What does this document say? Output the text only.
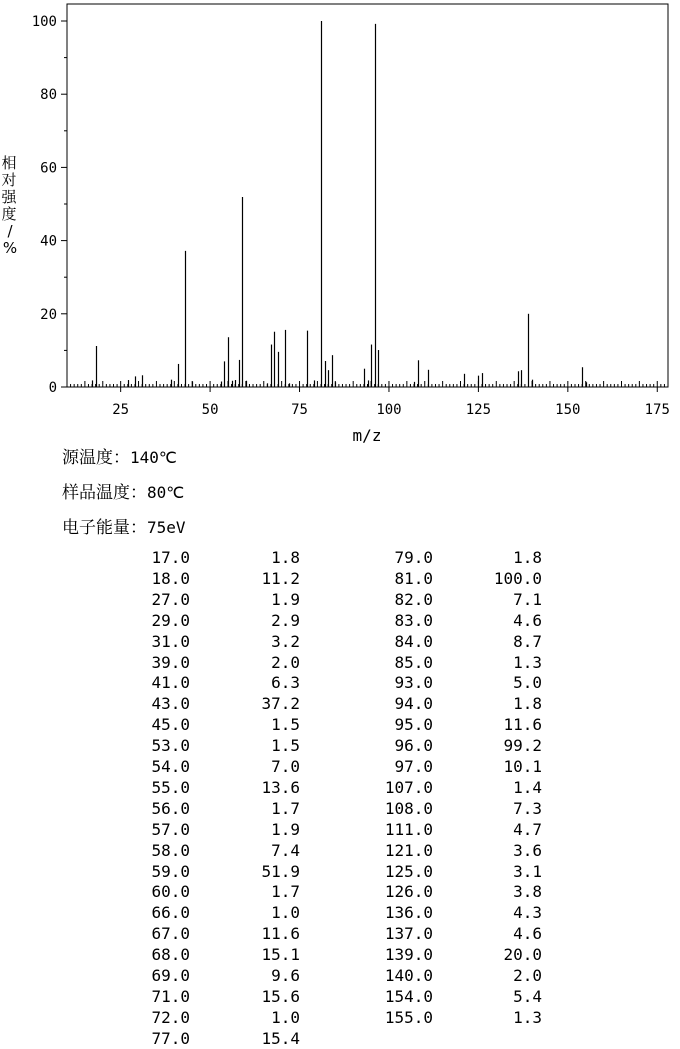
0
20
40
60
80
100
25	50	75	100	125	150	175
m/z
相对强度/ %
源温度：140℃
样品温度：80℃
电子能量：75eV
17.0	1.8
18.0	11.2
27.0	1.9
29.0	2.9
31.0	3.2
39.0	2.0
41.0	6.3
43.0	37.2
45.0	1.5
53.0	1.5
54.0	7.0
55.0	13.6
56.0	1.7
57.0	1.9
58.0	7.4
59.0	51.9
60.0	1.7
66.0	1.0
67.0	11.6
68.0	15.1
69.0	9.6
71.0	15.6
72.0	1.0
77.0	15.4
79.0	1.8
81.0	100.0
82.0	7.1
83.0	4.6
84.0	8.7
85.0	1.3
93.0	5.0
94.0	1.8
95.0	11.6
96.0	99.2
97.0	10.1
107.0	1.4
108.0	7.3
111.0	4.7
121.0	3.6
125.0	3.1
126.0	3.8
136.0	4.3
137.0	4.6
139.0	20.0
140.0	2.0
154.0	5.4
155.0	1.3
